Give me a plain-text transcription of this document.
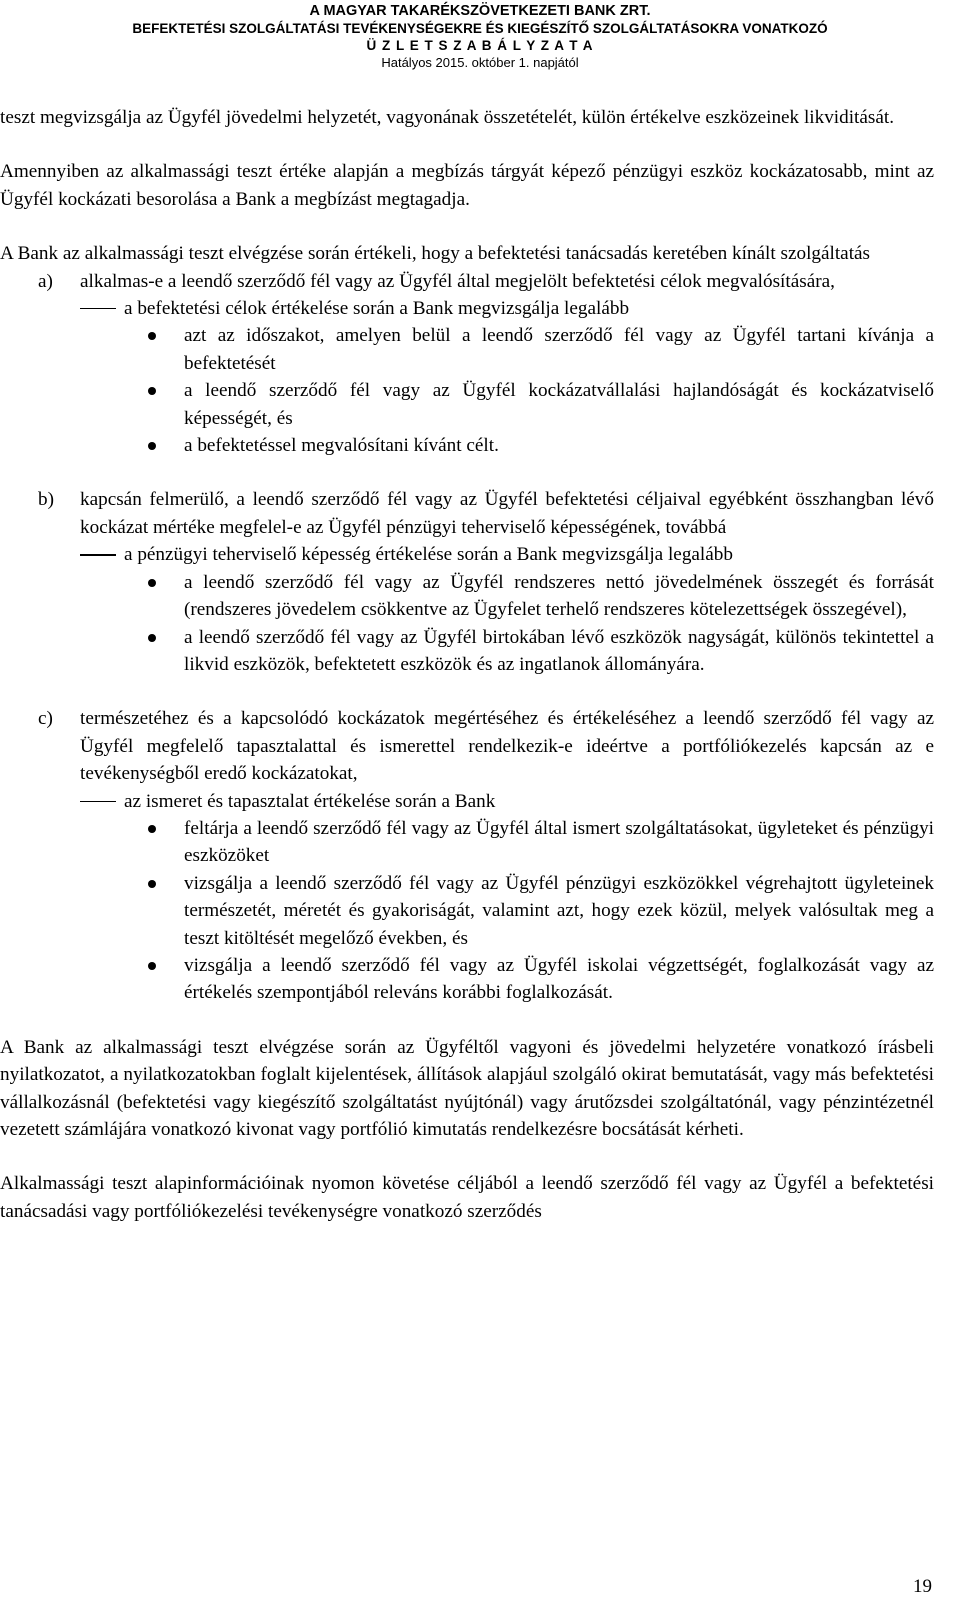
A MAGYAR TAKARÉKSZÖVETKEZETI BANK ZRT.
BEFEKTETÉSI SZOLGÁLTATÁSI TEVÉKENYSÉGEKRE ÉS KIEGÉSZÍTŐ SZOLGÁLTATÁSOKRA VONATKOZÓ
Ü Z L E T S Z A B Á L Y Z A T A
Hatályos 2015. október 1. napjától

teszt megvizsgálja az Ügyfél jövedelmi helyzetét, vagyonának összetételét, külön értékelve eszközeinek likviditását.

Amennyiben az alkalmassági teszt értéke alapján a megbízás tárgyát képező pénzügyi eszköz kockázatosabb, mint az Ügyfél kockázati besorolása a Bank a megbízást megtagadja.

A Bank az alkalmassági teszt elvégzése során értékeli, hogy a befektetési tanácsadás keretében kínált szolgáltatás

a) alkalmas-e a leendő szerződő fél vagy az Ügyfél által megjelölt befektetési célok megvalósítására,
a befektetési célok értékelése során a Bank megvizsgálja legalább
azt az időszakot, amelyen belül a leendő szerződő fél vagy az Ügyfél tartani kívánja a befektetését
a leendő szerződő fél vagy az Ügyfél kockázatvállalási hajlandóságát és kockázatviselő képességét, és
a befektetéssel megvalósítani kívánt célt.
b) kapcsán felmerülő, a leendő szerződő fél vagy az Ügyfél befektetési céljaival egyébként összhangban lévő kockázat mértéke megfelel-e az Ügyfél pénzügyi teherviselő képességének, továbbá
a pénzügyi teherviselő képesség értékelése során a Bank megvizsgálja legalább
a leendő szerződő fél vagy az Ügyfél rendszeres nettó jövedelmének összegét és forrását (rendszeres jövedelem csökkentve az Ügyfelet terhelő rendszeres kötelezettségek összegével),
a leendő szerződő fél vagy az Ügyfél birtokában lévő eszközök nagyságát, különös tekintettel a likvid eszközök, befektetett eszközök és az ingatlanok állományára.
c) természetéhez és a kapcsolódó kockázatok megértéséhez és értékeléséhez a leendő szerződő fél vagy az Ügyfél megfelelő tapasztalattal és ismerettel rendelkezik-e ideértve a portfóliókezelés kapcsán az e tevékenységből eredő kockázatokat,
az ismeret és tapasztalat értékelése során a Bank
feltárja a leendő szerződő fél vagy az Ügyfél által ismert szolgáltatásokat, ügyleteket és pénzügyi eszközöket
vizsgálja a leendő szerződő fél vagy az Ügyfél pénzügyi eszközökkel végrehajtott ügyleteinek természetét, méretét és gyakoriságát, valamint azt, hogy ezek közül, melyek valósultak meg a teszt kitöltését megelőző években, és
vizsgálja a leendő szerződő fél vagy az Ügyfél iskolai végzettségét, foglalkozását vagy az értékelés szempontjából releváns korábbi foglalkozását.

A Bank az alkalmassági teszt elvégzése során az Ügyféltől vagyoni és jövedelmi helyzetére vonatkozó írásbeli nyilatkozatot, a nyilatkozatokban foglalt kijelentések, állítások alapjául szolgáló okirat bemutatását, vagy más befektetési vállalkozásnál (befektetési vagy kiegészítő szolgáltatást nyújtónál) vagy árutőzsdei szolgáltatónál, vagy pénzintézetnél vezetett számlájára vonatkozó kivonat vagy portfólió kimutatás rendelkezésre bocsátását kérheti.

Alkalmassági teszt alapinformációinak nyomon követése céljából a leendő szerződő fél vagy az Ügyfél a befektetési tanácsadási vagy portfóliókezelési tevékenységre vonatkozó szerződés

19
